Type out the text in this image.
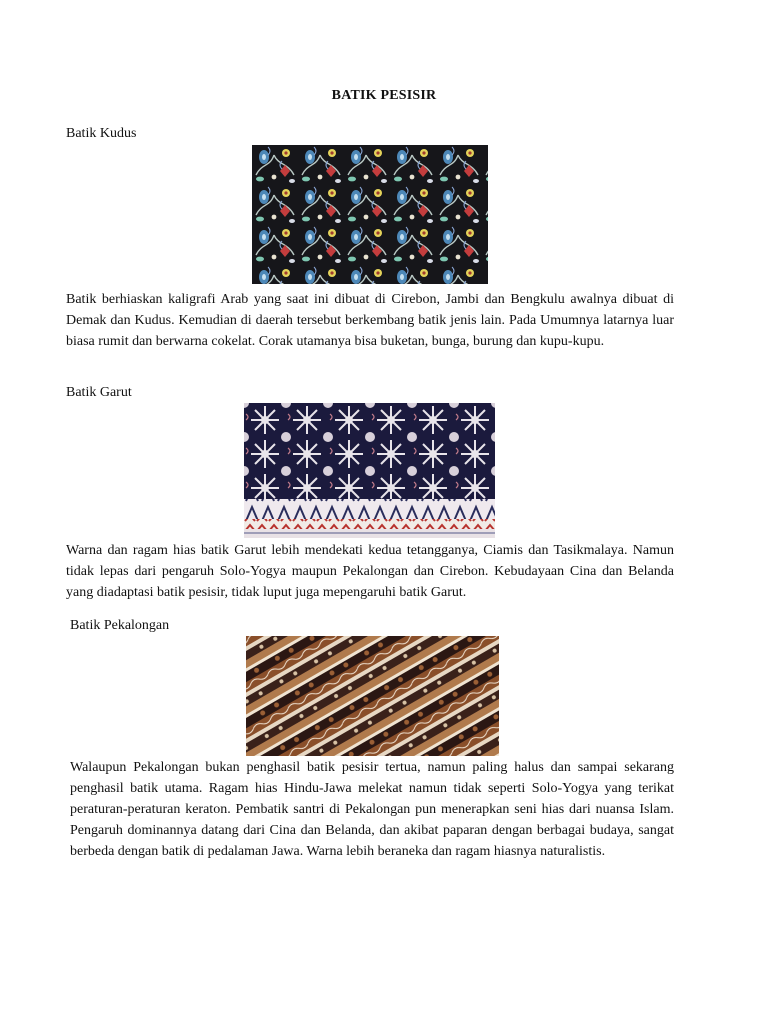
BATIK PESISIR
Batik Kudus

Batik berhiaskan kaligrafi Arab yang saat ini dibuat di Cirebon, Jambi dan Bengkulu awalnya dibuat di Demak dan Kudus. Kemudian di daerah tersebut berkembang batik jenis lain. Pada Umumnya latarnya luar biasa rumit dan berwarna cokelat. Corak utamanya bisa buketan, bunga, burung dan kupu-kupu.

Batik Garut

Warna dan ragam hias batik Garut lebih mendekati kedua tetangganya, Ciamis dan Tasikmalaya. Namun tidak lepas dari pengaruh Solo-Yogya maupun Pekalongan dan Cirebon. Kebudayaan Cina dan Belanda yang diadaptasi batik pesisir, tidak luput juga mepengaruhi batik Garut.

Batik Pekalongan

Walaupun Pekalongan bukan penghasil batik pesisir tertua, namun paling halus dan sampai sekarang penghasil batik utama. Ragam hias Hindu-Jawa melekat namun tidak seperti Solo-Yogya yang terikat peraturan-peraturan keraton. Pembatik santri di Pekalongan pun menerapkan seni hias dari nuansa Islam. Pengaruh dominannya datang dari Cina dan Belanda, dan akibat paparan dengan berbagai budaya, sangat berbeda dengan batik di pedalaman Jawa. Warna lebih beraneka dan ragam hiasnya naturalistis.
